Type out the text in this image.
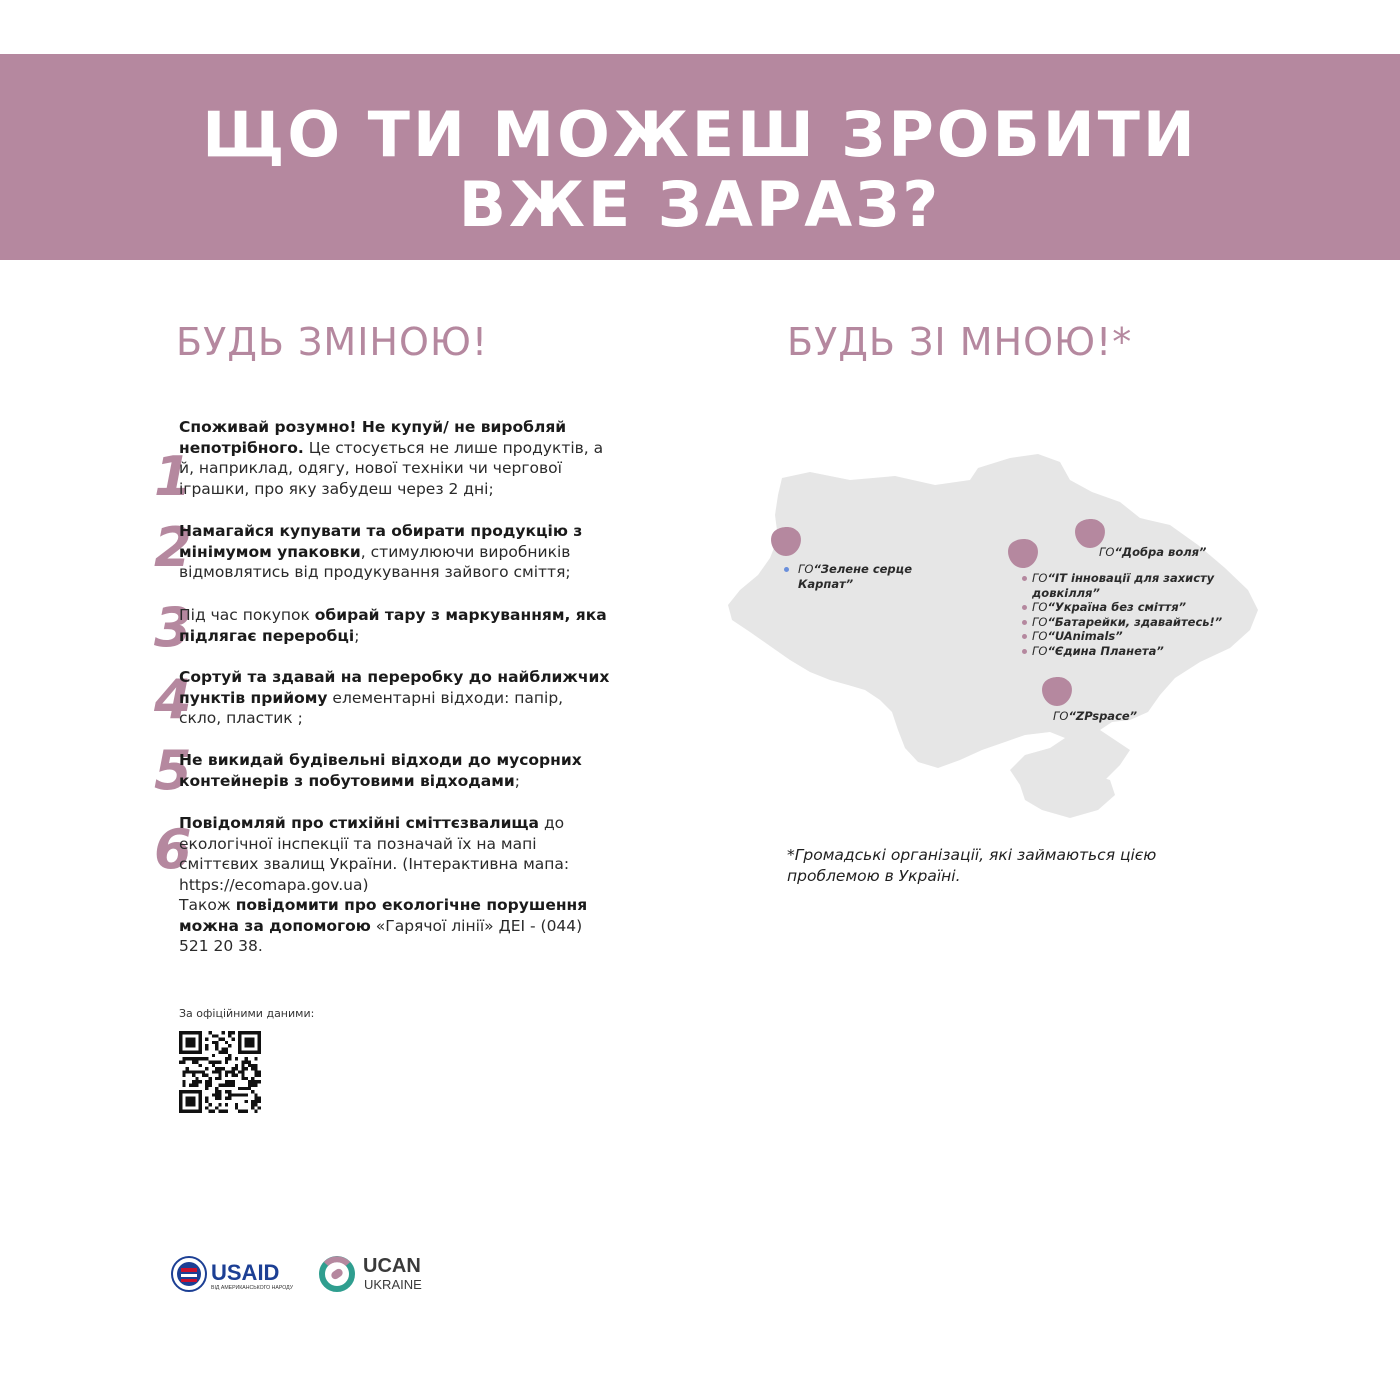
ЩО ТИ МОЖЕШ ЗРОБИТИ
ВЖЕ ЗАРАЗ?
БУДЬ ЗМІНОЮ!	БУДЬ ЗІ МНОЮ!*
1
Споживай розумно! Не купуй/ не виробляй непотрібного. Це стосується не лише продуктів, а й, наприклад, одягу, нової техніки чи чергової іграшки, про яку забудеш через 2 дні;
2
Намагайся купувати та обирати продукцію з мінімумом упаковки, стимулюючи виробників відмовлятись від продукування зайвого сміття;
3
Під час покупок обирай тару з маркуванням, яка підлягає переробці;
4
Сортуй та здавай на переробку до найближчих пунктів прийому елементарні відходи: папір, скло, пластик ;
5
Не викидай будівельні відходи до мусорних контейнерів з побутовими відходами;
6
Повідомляй про стихійні сміттєзвалища до екологічної інспекції та позначай їх на мапі сміттєвих звалищ України. (Інтерактивна мапа: https://ecomapa.gov.ua)
Також повідомити про екологічне порушення можна за допомогою «Гарячої лінії» ДЕІ - (044) 521 20 38.
За офіційними даними:
ГО“Зелене серце Карпат”
ГО“Добра воля”
ГО“IT інновації для захисту довкілля”
ГО“Україна без сміття”
ГО“Батарейки, здавайтесь!”
ГО“UAnimals”
ГО“Єдина Планета”
ГО“ZPspace”

*Громадські організації, які займаються цією проблемою в Україні.

USAID
ВІД АМЕРИКАНСЬКОГО НАРОДУ
UCAN
UKRAINE
